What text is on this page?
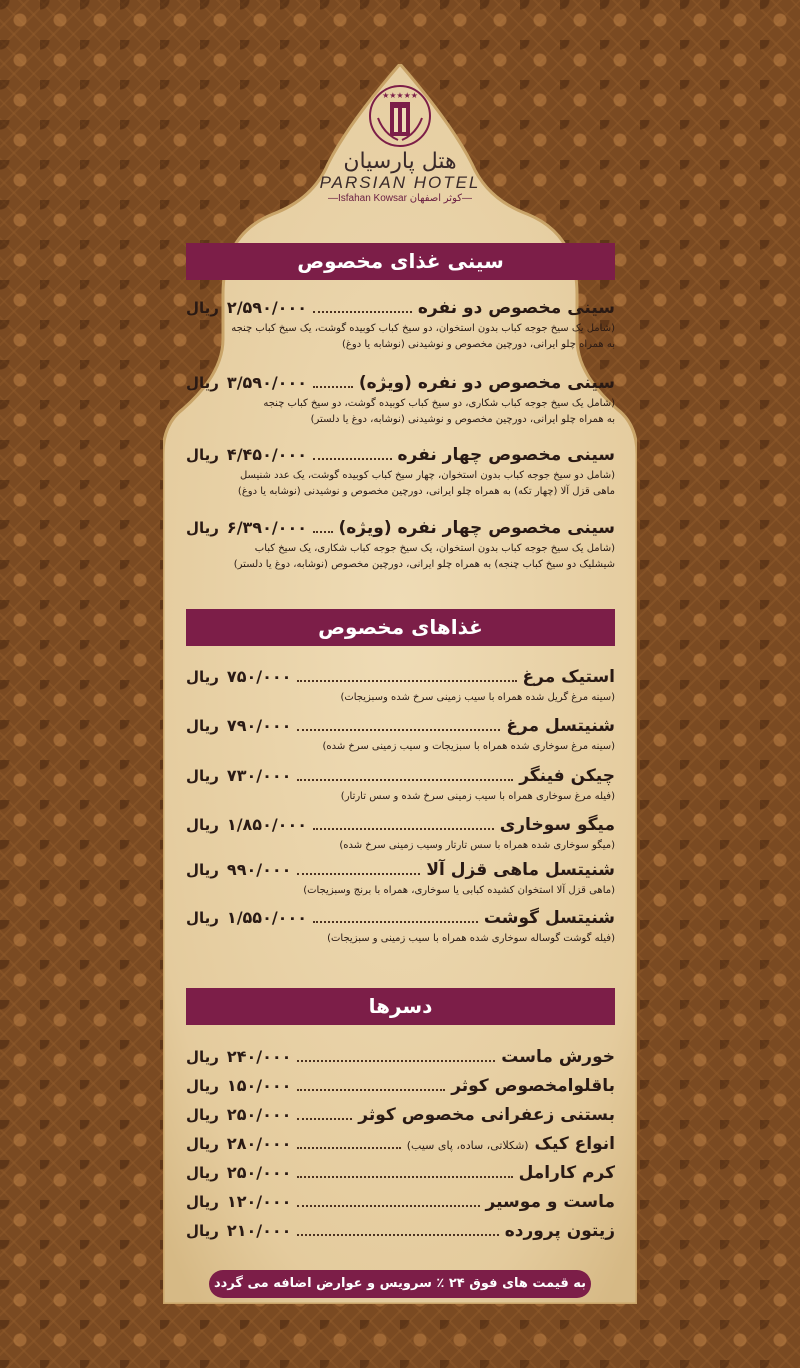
★★★★★
هتل پارسیان
PARSIAN HOTEL
—Isfahan Kowsar کوثر اصفهان—
سینی غذای مخصوص
سینی مخصوص دو نفره
۲/۵۹۰/۰۰۰
ریال
(شامل یک سیخ جوجه کباب بدون استخوان، دو سیخ کباب کوبیده گوشت، یک سیخ کباب چنجه
به همراه چلو ایرانی، دورچین مخصوص و نوشیدنی (نوشابه یا دوغ)
سینی مخصوص دو نفره (ویژه)
۳/۵۹۰/۰۰۰
ریال
(شامل یک سیخ جوجه کباب شکاری، دو سیخ کباب کوبیده گوشت، دو سیخ کباب چنجه
به همراه چلو ایرانی، دورچین مخصوص و نوشیدنی (نوشابه، دوغ یا دلستر)
سینی مخصوص چهار نفره
۴/۴۵۰/۰۰۰
ریال
(شامل دو سیخ جوجه کباب بدون استخوان، چهار سیخ کباب کوبیده گوشت، یک عدد شنیسل
ماهی قزل آلا (چهار تکه) به همراه چلو ایرانی، دورچین مخصوص و نوشیدنی (نوشابه یا دوغ)
سینی مخصوص چهار نفره (ویژه)
۶/۳۹۰/۰۰۰
ریال
(شامل یک سیخ جوجه کباب بدون استخوان، یک سیخ جوجه کباب شکاری، یک سیخ کباب
شیشلیک دو سیخ کباب چنجه) به همراه چلو ایرانی، دورچین مخصوص (نوشابه، دوغ یا دلستر)
غذاهای مخصوص
استیک مرغ
۷۵۰/۰۰۰
ریال
(سینه مرغ گریل شده همراه با سیب زمینی سرخ شده وسبزیجات)
شنیتسل مرغ
۷۹۰/۰۰۰
ریال
(سینه مرغ سوخاری شده همراه با سبزیجات و سیب زمینی سرخ شده)
چیکن فینگر
۷۳۰/۰۰۰
ریال
(فیله مرغ سوخاری همراه با سیب زمینی سرخ شده و سس تارتار)
میگو سوخاری
۱/۸۵۰/۰۰۰
ریال
(میگو سوخاری شده همراه با سس تارتار وسیب زمینی سرخ شده)
شنیتسل ماهی قزل آلا
۹۹۰/۰۰۰
ریال
(ماهی قزل آلا استخوان کشیده کبابی یا سوخاری، همراه با برنج وسبزیجات)
شنیتسل گوشت
۱/۵۵۰/۰۰۰
ریال
(فیله گوشت گوساله سوخاری شده همراه با سیب زمینی و سبزیجات)
دسرها
خورش ماست
۲۴۰/۰۰۰
ریال
باقلوامخصوص کوثر
۱۵۰/۰۰۰
ریال
بستنی زعفرانی مخصوص کوثر
۲۵۰/۰۰۰
ریال
انواع کیک (شکلاتی، ساده، پای سیب)
۲۸۰/۰۰۰
ریال
کرم کارامل
۲۵۰/۰۰۰
ریال
ماست و موسیر
۱۲۰/۰۰۰
ریال
زیتون پرورده
۲۱۰/۰۰۰
ریال
به قیمت های فوق ۲۴ ٪ سرویس و عوارض اضافه می گردد
